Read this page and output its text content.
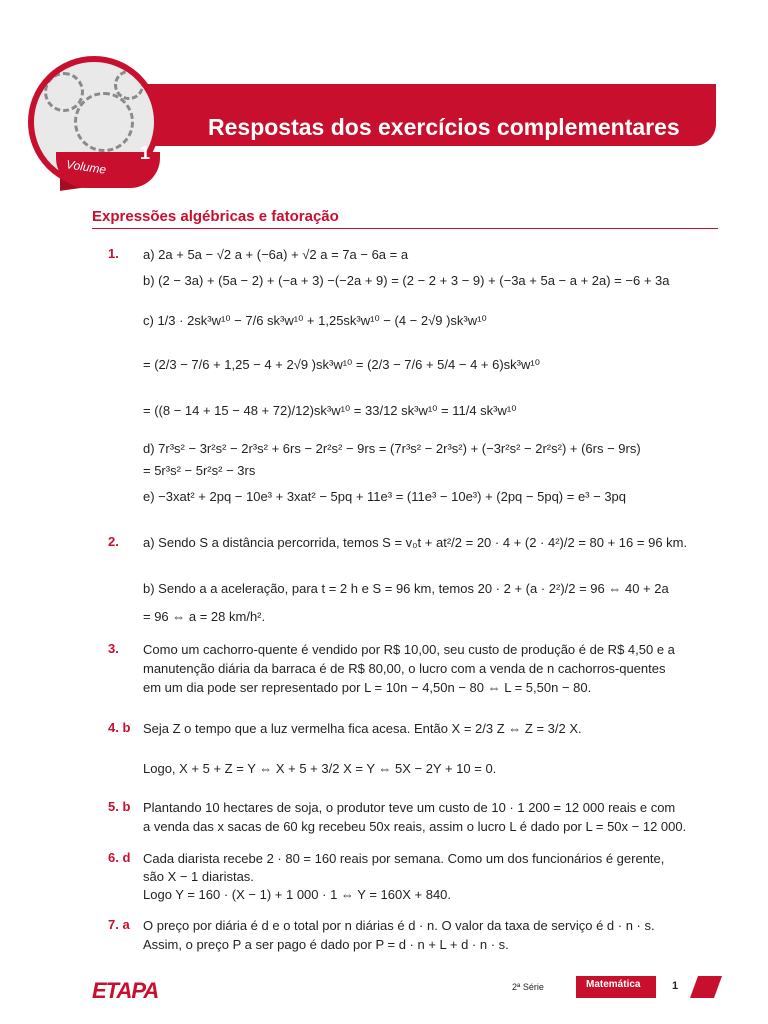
Volume
1
Respostas dos exercícios complementares
Expressões algébricas e fatoração
1. a) 2a + 5a − √2 a + (−6a) + √2 a = 7a − 6a = a
b) (2 − 3a) + (5a − 2) + (−a + 3) −(−2a + 9) = (2 − 2 + 3 − 9) + (−3a + 5a − a + 2a) = −6 + 3a
c) 1/3 · 2sk³w¹⁰ − 7/6 sk³w¹⁰ + 1,25sk³w¹⁰ − (4 − 2√9 )sk³w¹⁰
= (2/3 − 7/6 + 1,25 − 4 + 2√9 )sk³w¹⁰ = (2/3 − 7/6 + 5/4 − 4 + 6)sk³w¹⁰
= ((8 − 14 + 15 − 48 + 72)/12)sk³w¹⁰ = 33/12 sk³w¹⁰ = 11/4 sk³w¹⁰
d) 7r³s² − 3r²s² − 2r³s² + 6rs − 2r²s² − 9rs = (7r³s² − 2r³s²) + (−3r²s² − 2r²s²) + (6rs − 9rs)
= 5r³s² − 5r²s² − 3rs
e) −3xat² + 2pq − 10e³ + 3xat² − 5pq + 11e³ = (11e³ − 10e³) + (2pq − 5pq) = e³ − 3pq
2. a) Sendo S a distância percorrida, temos S = v₀t + at²/2 = 20 · 4 + (2 · 4²)/2 = 80 + 16 = 96 km.
b) Sendo a a aceleração, para t = 2 h e S = 96 km, temos 20 · 2 + (a · 2²)/2 = 96 ⇔ 40 + 2a
= 96 ⇔ a = 28 km/h².
3. Como um cachorro-quente é vendido por R$ 10,00, seu custo de produção é de R$ 4,50 e a
manutenção diária da barraca é de R$ 80,00, o lucro com a venda de n cachorros-quentes
em um dia pode ser representado por L = 10n − 4,50n − 80 ⇔ L = 5,50n − 80.
4. b Seja Z o tempo que a luz vermelha fica acesa. Então X = 2/3 Z ⇔ Z = 3/2 X.
Logo, X + 5 + Z = Y ⇔ X + 5 + 3/2 X = Y ⇔ 5X − 2Y + 10 = 0.
5. b Plantando 10 hectares de soja, o produtor teve um custo de 10 · 1 200 = 12 000 reais e com
a venda das x sacas de 60 kg recebeu 50x reais, assim o lucro L é dado por L = 50x − 12 000.
6. d Cada diarista recebe 2 · 80 = 160 reais por semana. Como um dos funcionários é gerente,
são X − 1 diaristas.
Logo Y = 160 · (X − 1) + 1 000 · 1 ⇔ Y = 160X + 840.
7. a O preço por diária é d e o total por n diárias é d · n. O valor da taxa de serviço é d · n · s.
Assim, o preço P a ser pago é dado por P = d · n + L + d · n · s.
ETAPA	2ª Série	Matemática	1
